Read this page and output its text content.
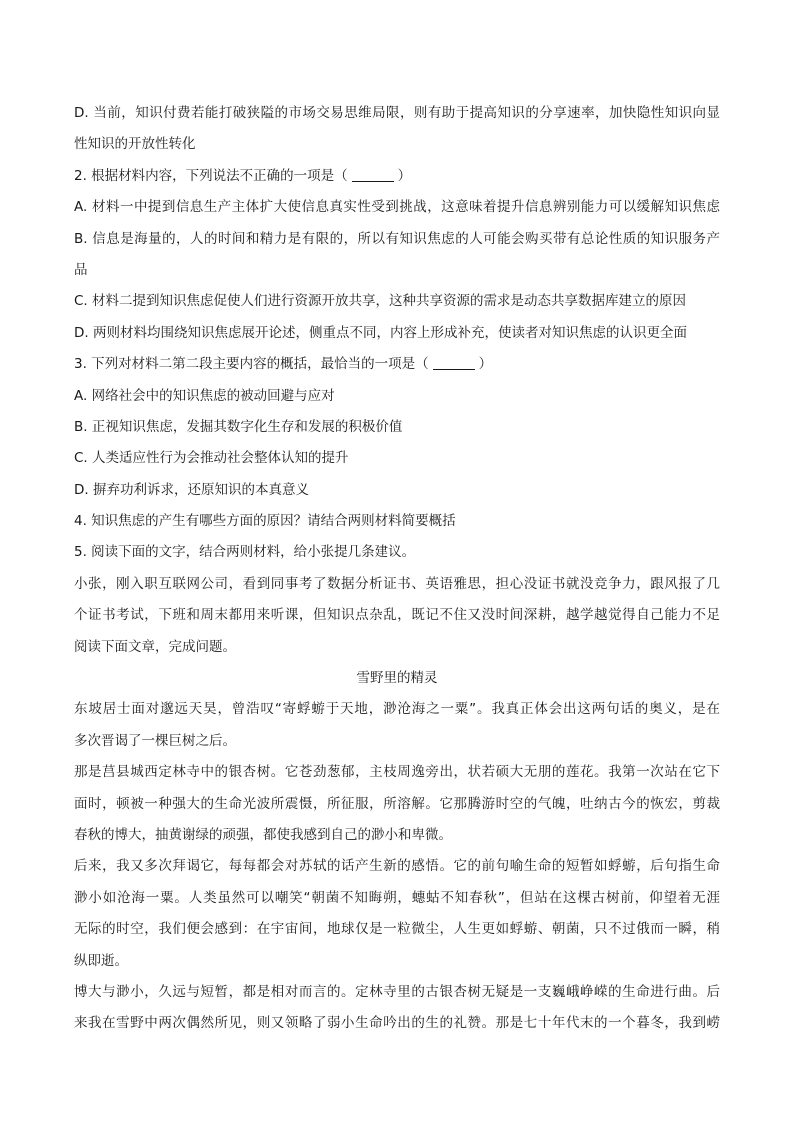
D. 当前，知识付费若能打破狭隘的市场交易思维局限，则有助于提高知识的分享速率，加快隐性知识向显
性知识的开放性转化
2. 根据材料内容，下列说法不正确的一项是（	）
A. 材料一中提到信息生产主体扩大使信息真实性受到挑战，这意味着提升信息辨别能力可以缓解知识焦虑
B. 信息是海量的，人的时间和精力是有限的，所以有知识焦虑的人可能会购买带有总论性质的知识服务产
品
C. 材料二提到知识焦虑促使人们进行资源开放共享，这种共享资源的需求是动态共享数据库建立的原因
D. 两则材料均围绕知识焦虑展开论述，侧重点不同，内容上形成补充，使读者对知识焦虑的认识更全面
3. 下列对材料二第二段主要内容的概括，最恰当的一项是（	）
A. 网络社会中的知识焦虑的被动回避与应对
B. 正视知识焦虑，发掘其数字化生存和发展的积极价值
C. 人类适应性行为会推动社会整体认知的提升
D. 摒弃功利诉求，还原知识的本真意义
4. 知识焦虑的产生有哪些方面的原因？请结合两则材料简要概括
5. 阅读下面的文字，结合两则材料，给小张提几条建议。
小张，刚入职互联网公司，看到同事考了数据分析证书、英语雅思，担心没证书就没竞争力，跟风报了几
个证书考试，下班和周末都用来听课，但知识点杂乱，既记不住又没时间深耕，越学越觉得自己能力不足
阅读下面文章，完成问题。
雪野里的精灵
东坡居士面对邈远天昊，曾浩叹“寄蜉蝣于天地，渺沧海之一粟”。我真正体会出这两句话的奥义，是在
多次晋谒了一棵巨树之后。
那是莒县城西定林寺中的银杏树。它苍劲葱郁，主枝周逸旁出，状若硕大无朋的莲花。我第一次站在它下
面时，顿被一种强大的生命光波所震慑，所征服，所溶解。它那腾游时空的气魄，吐纳古今的恢宏，剪裁
春秋的博大，抽黄谢绿的顽强，都使我感到自己的渺小和卑微。
后来，我又多次拜谒它，每每都会对苏轼的话产生新的感悟。它的前句喻生命的短暂如蜉蝣，后句指生命
渺小如沧海一粟。人类虽然可以嘲笑“朝菌不知晦朔，蟪蛄不知春秋”，但站在这棵古树前，仰望着无涯
无际的时空，我们便会感到：在宇宙间，地球仅是一粒微尘，人生更如蜉蝣、朝菌，只不过俄而一瞬，稍
纵即逝。
博大与渺小，久远与短暂，都是相对而言的。定林寺里的古银杏树无疑是一支巍峨峥嵘的生命进行曲。后
来我在雪野中两次偶然所见，则又领略了弱小生命吟出的生的礼赞。那是七十年代末的一个暮冬，我到崂
